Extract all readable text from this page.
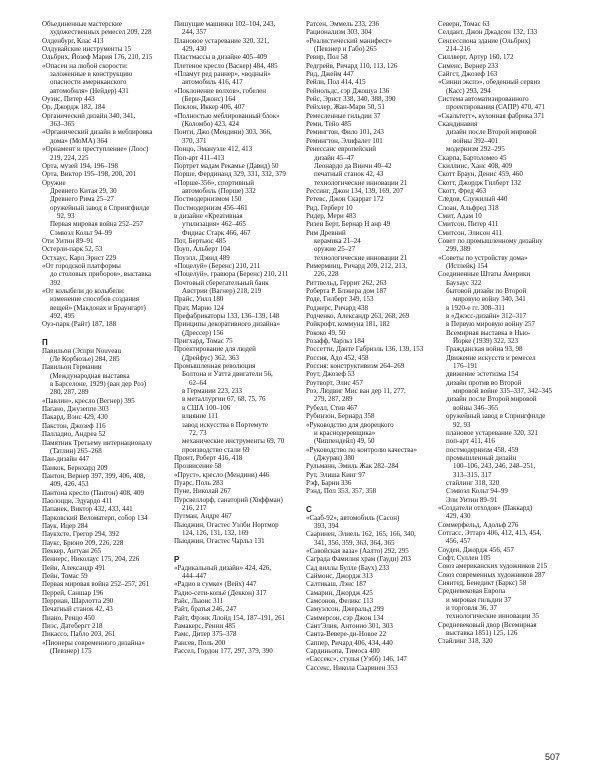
Объединенные мастерские
художественных ремесел 209, 228
Олденбург, Клас 413
Олдувайские инструменты 15
Ольбрих, Йозеф Мария 176, 210, 215
«Опасен на любой скорости:
заложенные в конструкцию
опасности американского
автомобиля» (Нейдер) 431
Оуэнс, Питер 443
Ор, Джордж 182, 184
Органический дизайн 340, 341,
363–365
«Органический дизайн в меблировка
дома» (МоМА) 364
«Орнамент и преступление» (Лоос)
219, 224, 225
Орта, музей 194, 196–198
Орта, Виктор 195–198, 200, 201
Оружие
Древнего Китая 29, 30
Древнего Рима 25–27
оружейный завод в Спрингфилде
92, 93
Первая мировая война 252–257
Сэмюэл Кольт 94–99
Оти Уитни 89–91
Остерли-парк 52, 53
Остхаус, Карл Эрнст 229
«От городской платформы
до столовых приборов», выставка
392
«От колыбели до колыбели:
изменение способов создания
вещей» (Макдонах и Браунгарт)
492, 495
Оуэ-парк (Райт) 187, 188
П
Павильон (Эспри Nouveau
(Ле Корбюзье) 284, 285
Павильон Германии
(Международная выставка
в Барселоне, 1929) (ван дер Роэ)
280, 287, 289
«Павлин», кресло (Вегнер) 395
Пагано, Джузеппе 303
Пакард, Вэнс 429, 430
Пакстон, Джозеф 116
Палладио, Андреа 52
Памятник Третьему интернационалу
(Татлин) 265–268
Пан-дизайн 447
Панкок, Бернхард 209
Пантон, Вернер 397, 399, 406, 408,
409, 426, 453
Пантона кресло (Пантон) 408, 409
Паолоцци, Эдуардо 411
Папанек, Виктор 432, 433, 441
Парковский Веломатерп, собор 134
Паук, Ицер 284
Паукхсте, Грегор 294, 392
Паукс, Брюно 209, 226, 228
Пеккер, Антуан 265
Пеннерс, Николаус 175, 204, 226
Пейн, Александр 491
Пейн, Томас 59
Первая мировая война 252–257, 261
Перрей, Саншар 196
Перриан, Шарлотта 290
Печатный станок 42, 43
Пиано, Ренцо 450
Пиэс, Датебергт 218
Пикассо, Пабло 203, 261
«Пионеры современного дизайна»
(Певзнер) 175
Пишущие машинки 102–104, 243,
244, 357
Плановое устаревание 320, 321,
429, 430
Пластмассы в дизайне 405–409
Плетеное кресло (Васкер) 484, 485
«Пламут ред раннер», «водный»
автомобиль 416, 417
«Поклонение волхов», гобелен
(Берн-Джонс) 164
Поклон, Иккер 406, 407
«Полностью меблированный блок»
(Коломбо) 423, 424
Понти, Джо (Мендини) 303, 366,
370, 371
Понцо, Эмануэле 412, 413
Поп-арт 411–413
Портрет мадам Рекамье (Давид) 50
Порше, Фердинанд 329, 331, 332, 379
«Порше-356», спортивный
автомобиль (Порше) 332
Постмодернизмом 150
Постмодернизм 456–461
в дизайне «Креативная
утилизация» 462–465
Фидиас Старк 466, 467
Пот, Бертьюс 485
Поуп, Альберт 104
Поуэлл, Дэвид 489
«Поцелуй» (Беренс) 210, 211
«Поцелуй», гравюра (Беренс) 210, 211
Почтовый сберегательный банк
Австрии (Вагнер) 218, 219
Прайс, Уилл 180
Прат, Марио 124
Префабрикаторы 133, 136–139, 148
Принципы декоративного дизайна»
(Дрессер) 156
Пригхард, Томас 75
Проектирование для людей
(Дрейфус) 362, 363
Промышленная революция
Болтона и Уатта двигатели 56,
62–64
в Германии 223, 233
в металлургии 67, 68, 75, 76
в США 100–106
влияние 111
завод искусства в Портемуте
72, 73
механические инструменты 69, 70
производство стали 69
Пронт, Роберт 416, 418
Прозвисение 58
«Пруст», кресло (Мендини) 446
Пуарс, Поль 283
Пуне, Николай 267
Пурсвеллорф, санаторий (Хоффман)
216, 217
Путман, Андре 467
Пьюджин, Огастес Уэлби Нортмор
124, 126, 131, 132, 169
Пьюджин, Огастес Чарльз 131
Р
«Радикальный дизайн» 424, 426,
444–447
«Радио в сумке» (Вейх) 447
Радио-сети-копьё (Деккон) 317
Райс, Льюис 311
Райт, братья 246, 247
Райт, Фрэнк Ллойд 154, 187–191, 261
Рамакерс, Ренни 485
Рамс, Дитер 375–378
Рансев, Поль 200
Рассел, Гордон 177, 297, 379, 390
Ратсен, Эммель 233, 236
Рационализм 303, 304
«Реалистический манифест»
(Певзнер и Габо) 265
Ревир, Пол 58
Редгрейв, Ричард 110, 113, 126
Рид, Джейм 447
Рейли, Пол 414, 415
Рейнольдс, сэр Джошуа 136
Рейс, Эрнст 338, 340, 388, 390
Рейхлер, Жан-Мари 50, 51
Ремесленные гильдии 37
Реми, Тейо 485
Ремингтон, Фило 101, 243
Ремингтон, Элифалет 101
Ренессанс европейский
дизайн 45–47
Леонардо да Винчи 40–42
печатный станок 42, 43
технологические инновации 21
Рессинг, Джон 134, 139, 169, 207
Ретевс, Джон Скаррат 172
Рид, Герберт 10
Ридер, Мери 483
Ризен Берт, Бернар Н анр 49
Рим Древний
керамика 21–24
оружие 25–27
технологические инновации 21
Римерминц, Ричард 209, 212, 213,
226, 228
Риттвельд, Геррит 262, 263
Роберта Р. Блэкера дом 187
Роде, Гилберт 349, 153
Роджерс, Ричард 438
Родченко, Александр 263, 268, 269
Ройкрофт, коммуна 181, 182
Рококо 49, 50
Розафф, Чарльз 184
Россетти, Данте Габриэль 136, 139, 153
Россия, Адо 452, 458
Россия: конструктивизм 264–269
Роут, Джозеф 53
Роутворт, Элис 457
Роэ, Людвиг Мис ван дер 11, 277,
279, 287, 289
Рубелл, Стив 467
Рубинзон, Бернард 358
«Руководство для дворецкого
и краснодеревщика»
(Чиппендейл) 49, 50
«Руководство по контролю качества»
(Джуран) 380
Рульманн, Эмиль Жак 282–284
Рут, Элиша Кинг 97
Рэф, Барни 336
Рэнд, Пол 353, 357, 358
С
«Сааб-92», автомобиль (Сасон)
393, 394
Сааринен, Элиель 162, 165, 166, 340,
341, 356, 359, 363, 364, 365
«Савойская ваза» (Аалто) 292, 295
Саграда Фамилия храм (Гауди) 203
Сад виллы Булле (Баух) 233
Саймонс, Джордж 313
Салтикаш, Лэнс 187
Самарин, Джордж 425
Самсонов, Феликс 113
Самуэлсон, Джеральд 299
Саммерсон, сэр Джон 134
Сант'Элия, Антонио 301, 303
Санта-Вевере-ди-Новое 22
Саппер, Ричард 406, 434, 440
Сардиньопа, Тимоса 400
«Сассекс», стулья (Уэбб) 146, 147
Сассекс, Никола Сааринен 353
Северн, Томас 63
Селдант, Джон Джадсон 132, 133
Сенсессиона здание (Ольбрих)
214–216
Силлверг, Артур 160, 172
Сименс, Вернер 233
Сайгст, Джозеф 163
«Синни экспэ», обеденный сервиз
(Касс) 293, 294
Система автоматизированного
проектирования (САПР) 470, 471
«Скальтетт», кухонная фабрика 371
Скандинавия
дизайн после Второй мировой
войны 392–401
модернизм 292–295
Скарпа, Бартоломео 45
Скиллинс, Ханс 408, 409
Скотт Браун, Денис 459, 460
Скотт, Джордж Гилберт 132
Скотт, Фред 463
Следов, Служилый 440
Слоан, Альфред 318
Смит, Адам 10
Смитсон, Питер 411
Смитсон, Элисон 411
Совет по промышленному дизайну
299, 389
«Советы по устройству дома»
(Истлейк) 154
Соединенные Штаты Америки
Баухаус 322
бытовой дизайн по Второй
мировую войну 340, 341
в 1920-е гг. 308–311
в «Джэсс-дизайн» 312–317
в Первую мировую войну 257
Всемирная выставка в Нью-
Йорке (1939) 322, 323
Гражданская война 93, 98
Движение искусств и ремесел
176–191
движение эстетизма 154
дизайн против во Второй
мировой войне 335–337, 342–345
дизайн после Второй мировой
войны 346–365
оружейный завод в Спрингфилде
92, 93
плановое устаревание 320, 321
поп-арт 411, 416
постмодернизм 458, 459
промышленный дизайн
100–106, 243, 246, 248–251,
313–315, 317
стайлинг 318, 320
Сэмюэл Кольт 94–99
Эли Уитни 89–91
«Создатели отходов» (Паккард)
429, 430
Соммерфельд, Адольф 276
Сотгасс, Эттарэ 406, 412, 413, 454,
456, 457
Соуден, Джордж 456, 457
Софт, Суллен 105
Союз американских художников 215
Союз современных художников 287
Сиянтед, Бенедикт (Баркс) 58
Средневековая Европа
и мировая гильдии 37
и торговля 36, 37
технологические инновации 35
Средневековый двор (Всемирная
выставка 1851) 125, 126
Стайлинг 318, 320
507
